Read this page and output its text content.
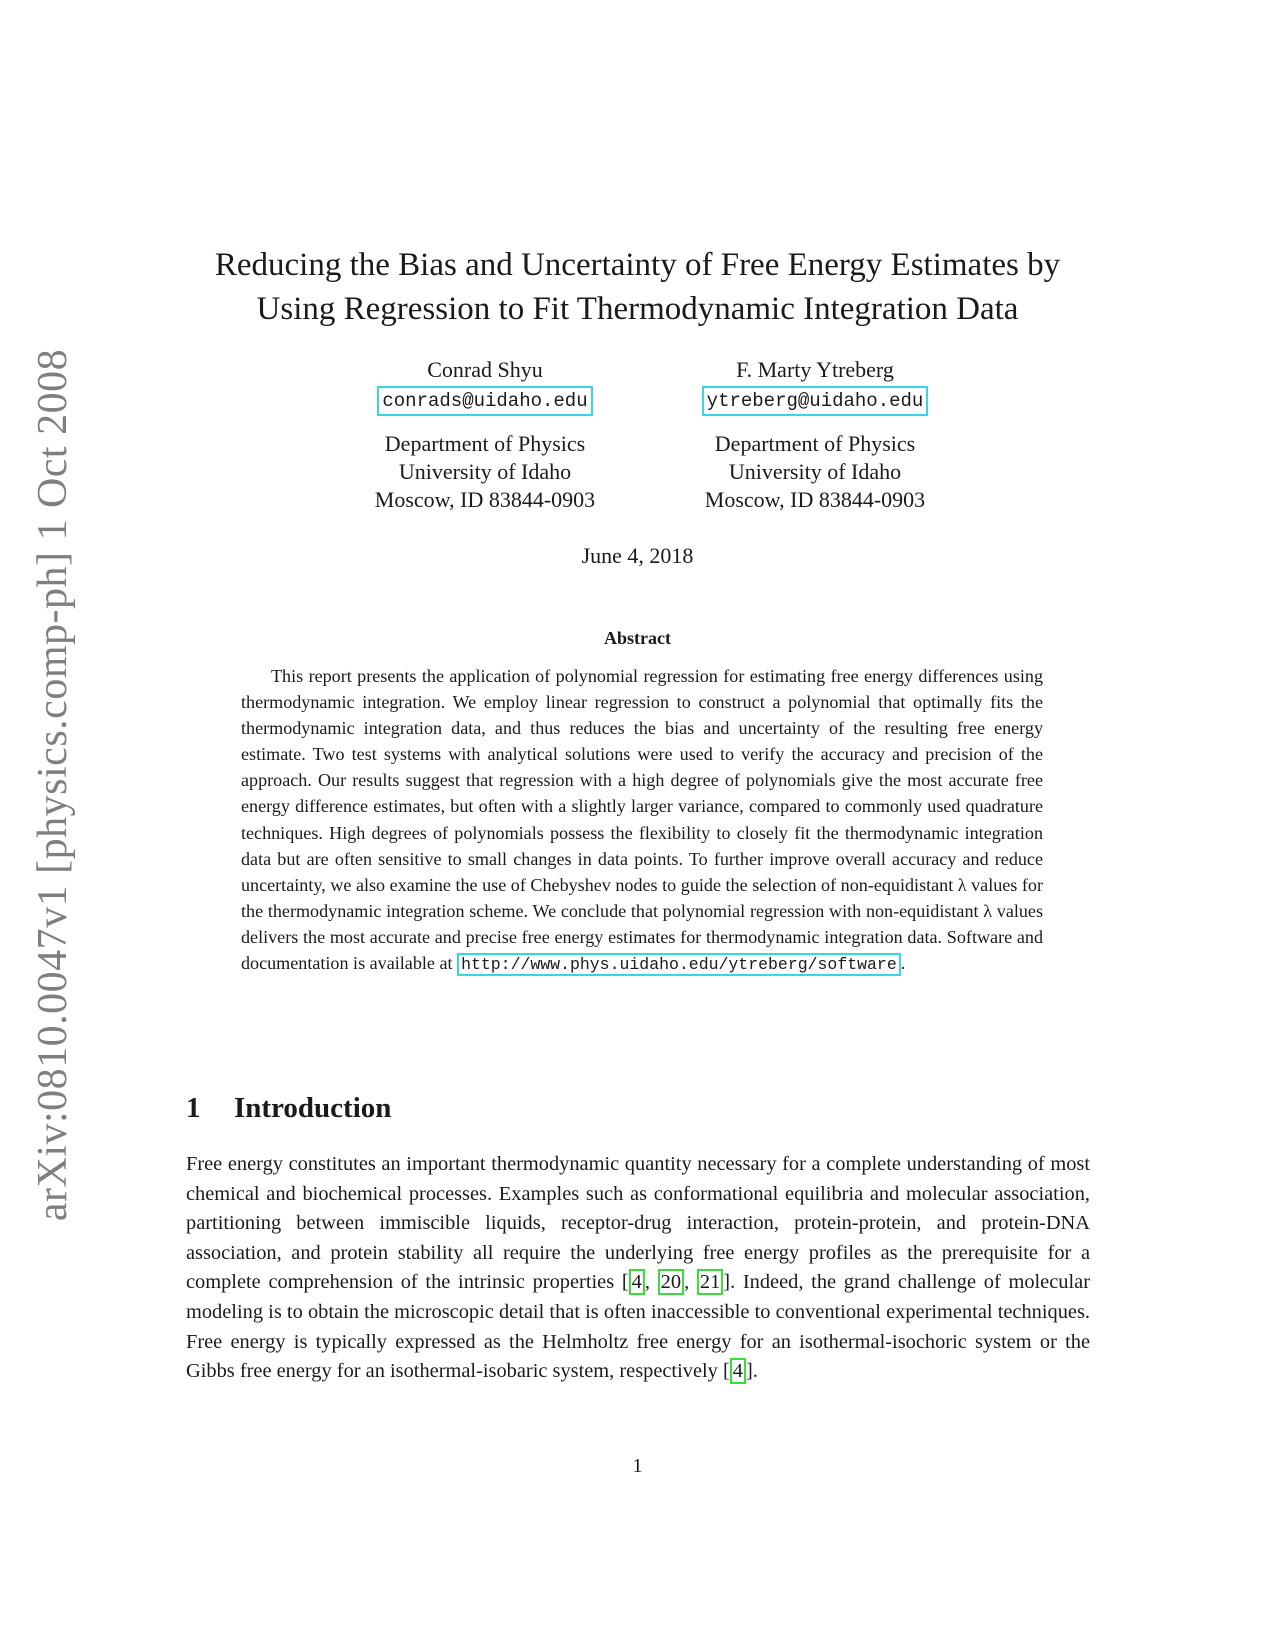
arXiv:0810.0047v1 [physics.comp-ph] 1 Oct 2008
Reducing the Bias and Uncertainty of Free Energy Estimates by
Using Regression to Fit Thermodynamic Integration Data
Conrad Shyu
conrads@uidaho.edu
Department of Physics
University of Idaho
Moscow, ID 83844-0903
F. Marty Ytreberg
ytreberg@uidaho.edu
Department of Physics
University of Idaho
Moscow, ID 83844-0903
June 4, 2018
Abstract
This report presents the application of polynomial regression for estimating free energy differences using thermodynamic integration. We employ linear regression to construct a polynomial that optimally fits the thermodynamic integration data, and thus reduces the bias and uncertainty of the resulting free energy estimate. Two test systems with analytical solutions were used to verify the accuracy and precision of the approach. Our results suggest that regression with a high degree of polynomials give the most accurate free energy difference estimates, but often with a slightly larger variance, compared to commonly used quadrature techniques. High degrees of polynomials possess the flexibility to closely fit the thermodynamic integration data but are often sensitive to small changes in data points. To further improve overall accuracy and reduce uncertainty, we also examine the use of Chebyshev nodes to guide the selection of non-equidistant λ values for the thermodynamic integration scheme. We conclude that polynomial regression with non-equidistant λ values delivers the most accurate and precise free energy estimates for thermodynamic integration data. Software and documentation is available at http://www.phys.uidaho.edu/ytreberg/software .
1 Introduction
Free energy constitutes an important thermodynamic quantity necessary for a complete understanding of most chemical and biochemical processes. Examples such as conformational equilibria and molecular association, partitioning between immiscible liquids, receptor-drug interaction, protein-protein, and protein-DNA association, and protein stability all require the underlying free energy profiles as the prerequisite for a complete comprehension of the intrinsic properties [ 4 , 20 , 21 ]. Indeed, the grand challenge of molecular modeling is to obtain the microscopic detail that is often inaccessible to conventional experimental techniques. Free energy is typically expressed as the Helmholtz free energy for an isothermal-isochoric system or the Gibbs free energy for an isothermal-isobaric system, respectively [ 4 ].
1
